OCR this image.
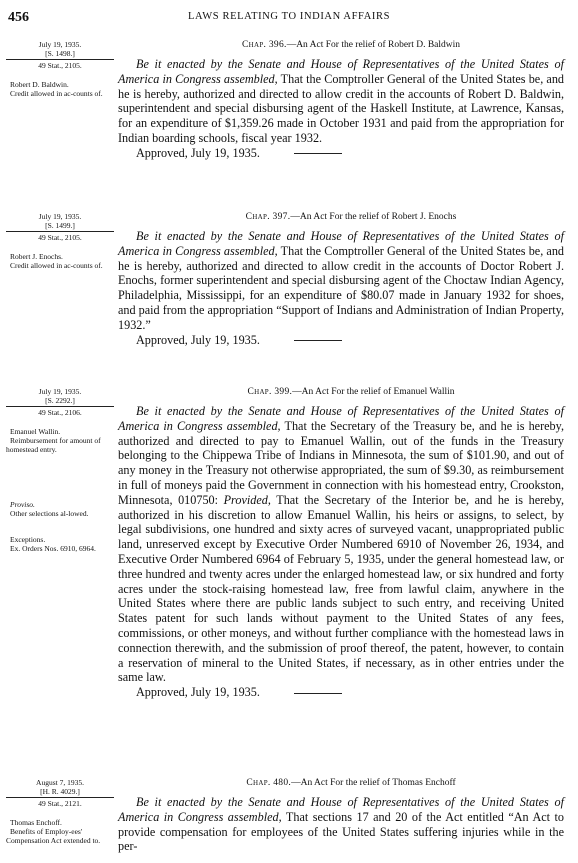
456	LAWS RELATING TO INDIAN AFFAIRS
July 19, 1935.
[S. 1498.]
49 Stat., 2105.
Robert D. Baldwin.
Credit allowed in ac-counts of.
Chap. 396.—An Act For the relief of Robert D. Baldwin

Be it enacted by the Senate and House of Representatives of the United States of America in Congress assembled, That the Comptroller General of the United States be, and he is hereby, authorized and directed to allow credit in the accounts of Robert D. Baldwin, superintendent and special disbursing agent of the Haskell Institute, at Lawrence, Kansas, for an expenditure of $1,359.26 made in October 1931 and paid from the appropriation for Indian boarding schools, fiscal year 1932.

Approved, July 19, 1935.

July 19, 1935.
[S. 1499.]
49 Stat., 2105.
Robert J. Enochs.
Credit allowed in ac-counts of.
Chap. 397.—An Act For the relief of Robert J. Enochs

Be it enacted by the Senate and House of Representatives of the United States of America in Congress assembled, That the Comptroller General of the United States be, and he is hereby, authorized and directed to allow credit in the accounts of Doctor Robert J. Enochs, former superintendent and special disbursing agent of the Choctaw Indian Agency, Philadelphia, Mississippi, for an expenditure of $80.07 made in January 1932 for shoes, and paid from the appropriation “Support of Indians and Administration of Indian Property, 1932.”

Approved, July 19, 1935.

July 19, 1935.
[S. 2292.]
49 Stat., 2106.
Emanuel Wallin.
Reimbursement for amount of homestead entry.
Proviso.
Other selections al-lowed.
Exceptions.
Ex. Orders Nos. 6910, 6964.
Chap. 399.—An Act For the relief of Emanuel Wallin

Be it enacted by the Senate and House of Representatives of the United States of America in Congress assembled, That the Secretary of the Treasury be, and he is hereby, authorized and directed to pay to Emanuel Wallin, out of the funds in the Treasury belonging to the Chippewa Tribe of Indians in Minnesota, the sum of $101.90, and out of any money in the Treasury not otherwise appropriated, the sum of $9.30, as reimbursement in full of moneys paid the Government in connection with his homestead entry, Crookston, Minnesota, 010750: Provided, That the Secretary of the Interior be, and he is hereby, authorized in his discretion to allow Emanuel Wallin, his heirs or assigns, to select, by legal subdivisions, one hundred and sixty acres of surveyed vacant, unappropriated public land, unreserved except by Executive Order Numbered 6910 of November 26, 1934, and Executive Order Numbered 6964 of February 5, 1935, under the general homestead law, or three hundred and twenty acres under the enlarged homestead law, or six hundred and forty acres under the stock-raising homestead law, free from lawful claim, anywhere in the United States where there are public lands subject to such entry, and receiving United States patent for such lands without payment to the United States of any fees, commissions, or other moneys, and without further compliance with the homestead laws in connection therewith, and the submission of proof thereof, the patent, however, to contain a reservation of mineral to the United States, if necessary, as in other entries under the same law.

Approved, July 19, 1935.

August 7, 1935.
[H. R. 4029.]
49 Stat., 2121.
Thomas Enchoff.
Benefits of Employ-ees' Compensation Act extended to.
Chap. 480.—An Act For the relief of Thomas Enchoff

Be it enacted by the Senate and House of Representatives of the United States of America in Congress assembled, That sections 17 and 20 of the Act entitled “An Act to provide compensation for employees of the United States suffering injuries while in the per-
